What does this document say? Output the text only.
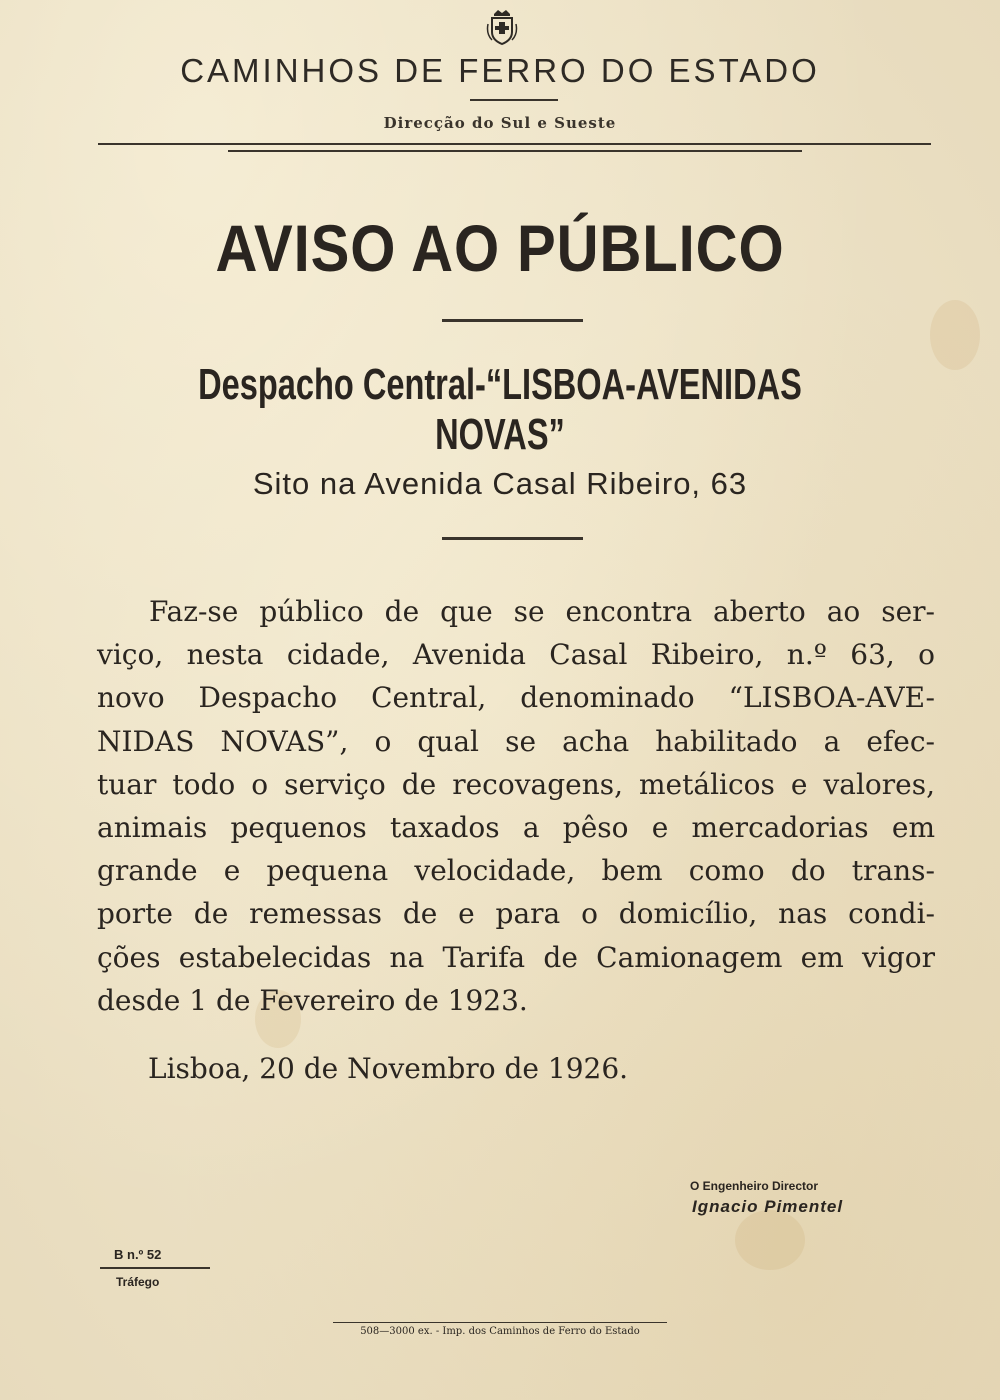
CAMINHOS DE FERRO DO ESTADO
Direcção do Sul e Sueste
AVISO AO PÚBLICO
Despacho Central-“LISBOA-AVENIDAS NOVAS”
Sito na Avenida Casal Ribeiro, 63
Faz-se público de que se encontra aberto ao ser-
viço, nesta cidade, Avenida Casal Ribeiro, n.º 63, o
novo Despacho Central, denominado “LISBOA-AVE-
NIDAS NOVAS”, o qual se acha habilitado a efec-
tuar todo o serviço de recovagens, metálicos e valores,
animais pequenos taxados a pêso e mercadorias em
grande e pequena velocidade, bem como do trans-
porte de remessas de e para o domicílio, nas condi-
ções estabelecidas na Tarifa de Camionagem em vigor
desde 1 de Fevereiro de 1923.
Lisboa, 20 de Novembro de 1926.
O Engenheiro Director
Ignacio Pimentel
B n.º 52
Tráfego
508—3000 ex. - Imp. dos Caminhos de Ferro do Estado
